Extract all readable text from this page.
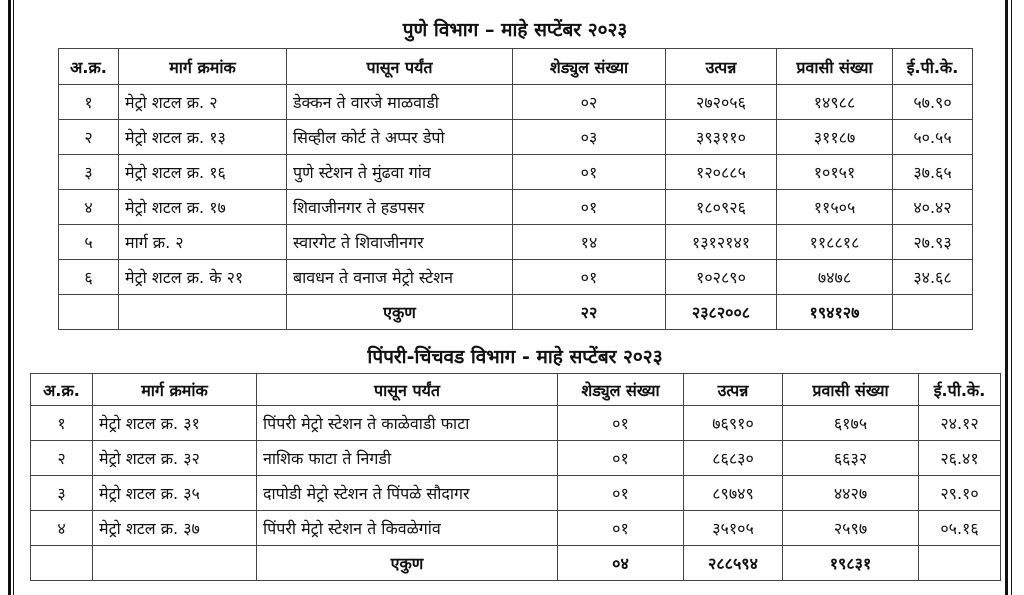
पुणे विभाग – माहे सप्टेंबर २०२३
अ.क्र.	मार्ग क्रमांक	पासून पर्यंत	शेड्युल संख्या	उत्पन्न	प्रवासी संख्या	ई.पी.के.
१	मेट्रो शटल क्र. २	डेक्कन ते वारजे माळवाडी	०२	२७२०५६	१४९८८	५७.९०
२	मेट्रो शटल क्र. १३	सिव्हील कोर्ट ते अप्पर डेपो	०३	३९३११०	३११८७	५०.५५
३	मेट्रो शटल क्र. १६	पुणे स्टेशन ते मुंढवा गांव	०१	१२०८८५	१०१५१	३७.६५
४	मेट्रो शटल क्र. १७	शिवाजीनगर ते हडपसर	०१	१८०९२६	११५०५	४०.४२
५	मार्ग क्र. २	स्वारगेट ते शिवाजीनगर	१४	१३१२१४१	११८८१८	२७.९३
६	मेट्रो शटल क्र. के २१	बावधन ते वनाज मेट्रो स्टेशन	०१	१०२८९०	७४७८	३४.६८
		एकुण	२२	२३८२००८	१९४१२७	
पिंपरी-चिंचवड विभाग - माहे सप्टेंबर २०२३
अ.क्र.	मार्ग क्रमांक	पासून पर्यंत	शेड्युल संख्या	उत्पन्न	प्रवासी संख्या	ई.पी.के.
१	मेट्रो शटल क्र. ३१	पिंपरी मेट्रो स्टेशन ते काळेवाडी फाटा	०१	७६९१०	६१७५	२४.१२
२	मेट्रो शटल क्र. ३२	नाशिक फाटा ते निगडी	०१	८६८३०	६६३२	२६.४१
३	मेट्रो शटल क्र. ३५	दापोडी मेट्रो स्टेशन ते पिंपळे सौदागर	०१	८९७४९	४४२७	२९.१०
४	मेट्रो शटल क्र. ३७	पिंपरी मेट्रो स्टेशन ते किवळेगांव	०१	३५१०५	२५९७	०५.१६
		एकुण	०४	२८८५९४	१९८३१	
